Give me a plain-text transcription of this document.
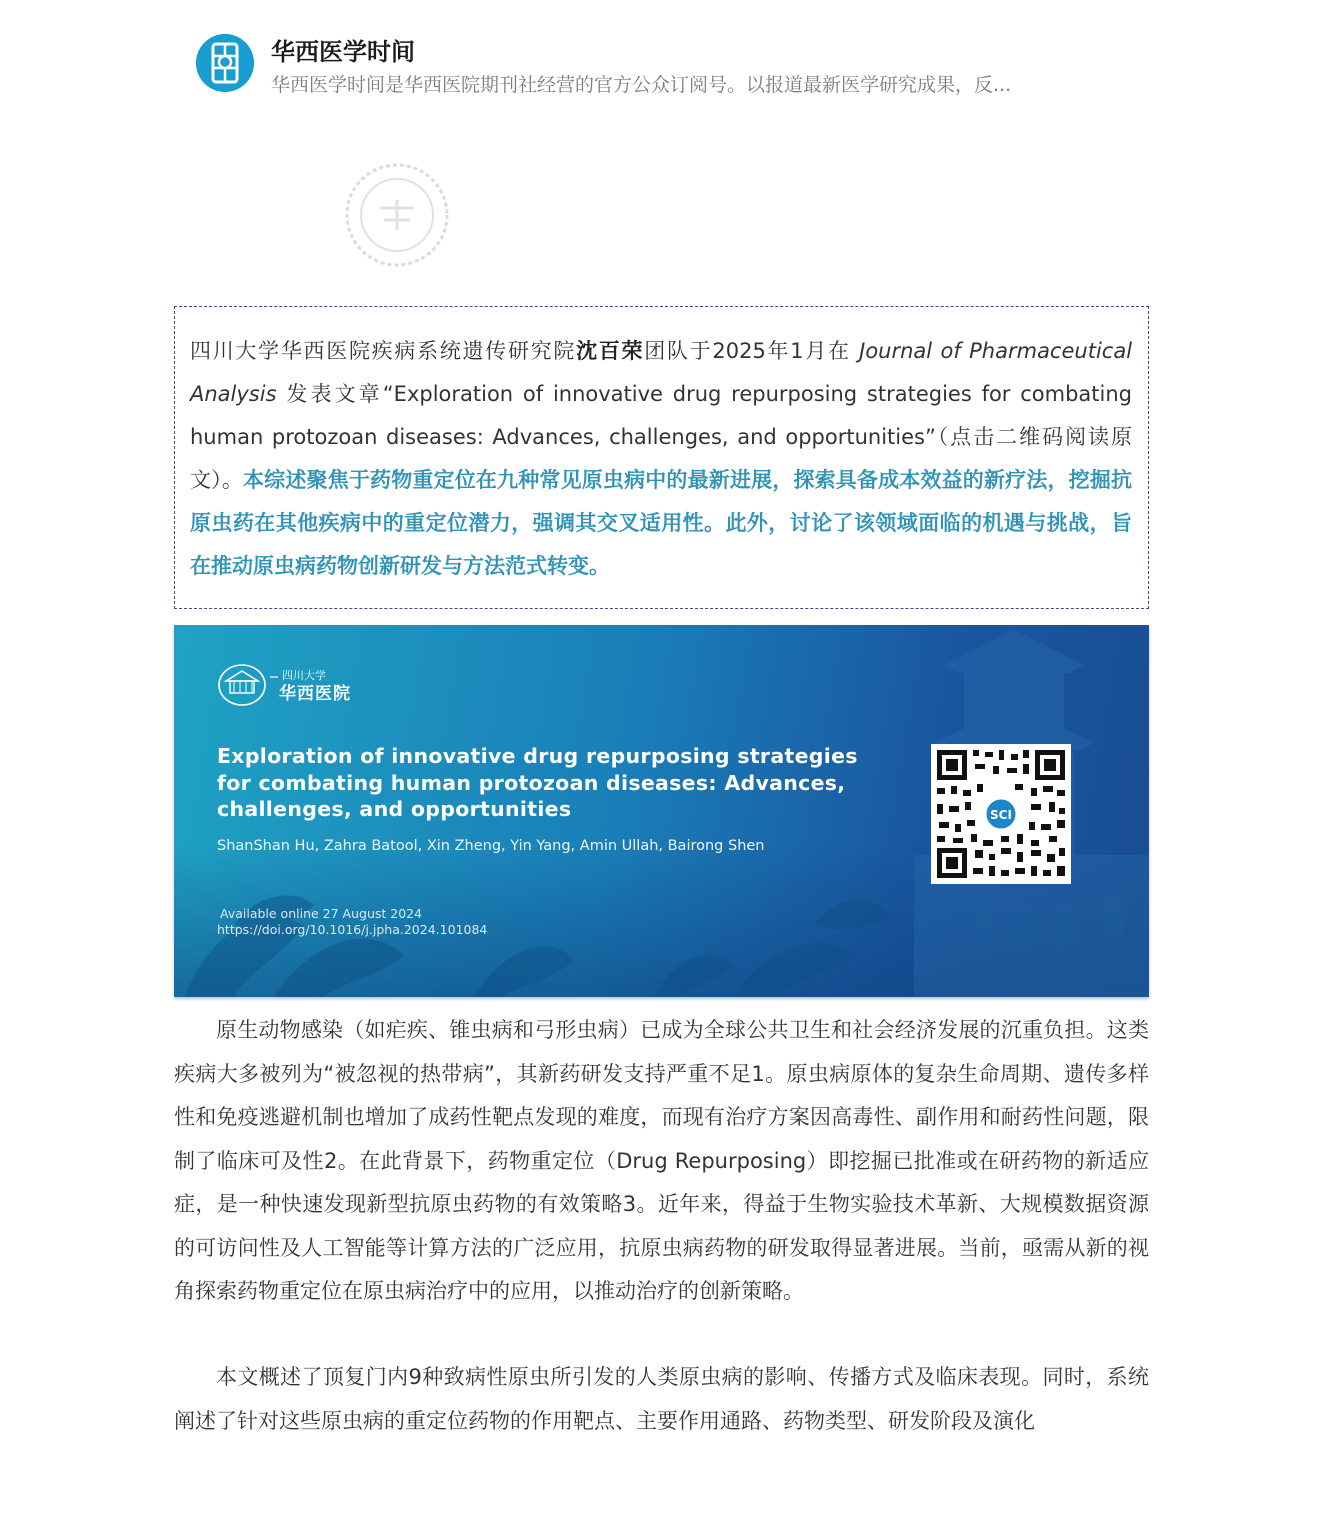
华西医学时间
华西医学时间是华西医院期刊社经营的官方公众订阅号。以报道最新医学研究成果，反...
四川大学华西医院疾病系统遗传研究院沈百荣团队于2025年1月在 Journal of Pharmaceutical Analysis 发表文章“Exploration of innovative drug repurposing strategies for combating human protozoan diseases: Advances, challenges, and opportunities”（点击二维码阅读原文）。本综述聚焦于药物重定位在九种常见原虫病中的最新进展，探索具备成本效益的新疗法，挖掘抗原虫药在其他疾病中的重定位潜力，强调其交叉适用性。此外，讨论了该领域面临的机遇与挑战，旨在推动原虫病药物创新研发与方法范式转变。
四川大学
华西医院
Exploration of innovative drug repurposing strategies for combating human protozoan diseases: Advances, challenges, and opportunities
ShanShan Hu, Zahra Batool, Xin Zheng, Yin Yang, Amin Ullah, Bairong Shen
Available online 27 August 2024
https://doi.org/10.1016/j.jpha.2024.101084
SCI
原生动物感染（如疟疾、锥虫病和弓形虫病）已成为全球公共卫生和社会经济发展的沉重负担。这类疾病大多被列为“被忽视的热带病”，其新药研发支持严重不足1。原虫病原体的复杂生命周期、遗传多样性和免疫逃避机制也增加了成药性靶点发现的难度，而现有治疗方案因高毒性、副作用和耐药性问题，限制了临床可及性2。在此背景下，药物重定位（Drug Repurposing）即挖掘已批准或在研药物的新适应症，是一种快速发现新型抗原虫药物的有效策略3。近年来，得益于生物实验技术革新、大规模数据资源的可访问性及人工智能等计算方法的广泛应用，抗原虫病药物的研发取得显著进展。当前，亟需从新的视角探索药物重定位在原虫病治疗中的应用，以推动治疗的创新策略。
本文概述了顶复门内9种致病性原虫所引发的人类原虫病的影响、传播方式及临床表现。同时，系统阐述了针对这些原虫病的重定位药物的作用靶点、主要作用通路、药物类型、研发阶段及演化
